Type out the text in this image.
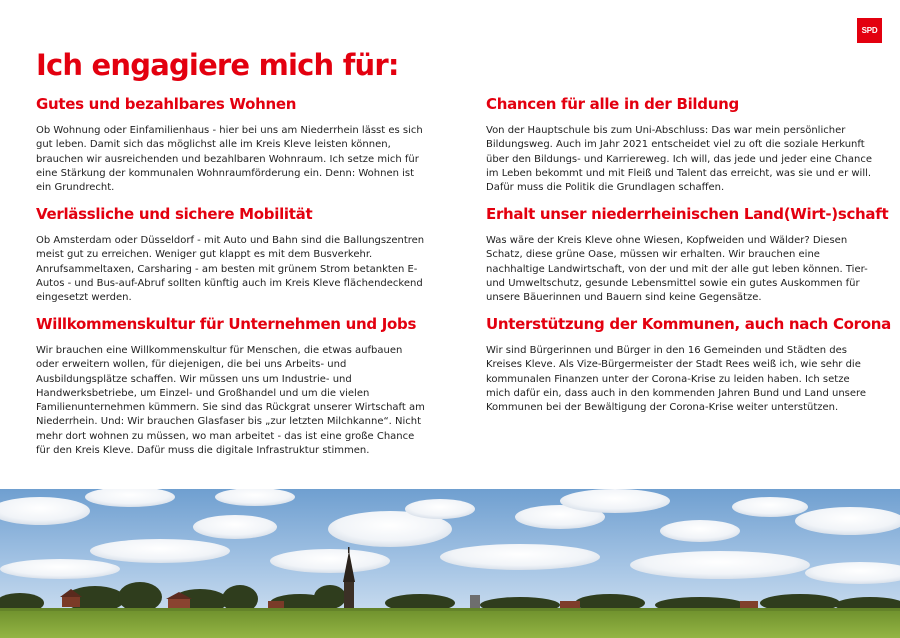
SPD
Ich engagiere mich für:
Gutes und bezahlbares Wohnen

Ob Wohnung oder Einfamilienhaus - hier bei uns am Niederrhein lässt es sich gut leben. Damit sich das möglichst alle im Kreis Kleve leisten können, brauchen wir ausreichenden und bezahlbaren Wohnraum. Ich setze mich für eine Stärkung der kommunalen Wohnraumförderung ein. Denn: Wohnen ist ein Grundrecht.

Verlässliche und sichere Mobilität

Ob Amsterdam oder Düsseldorf - mit Auto und Bahn sind die Ballungszentren meist gut zu erreichen. Weniger gut klappt es mit dem Busverkehr. Anrufsammeltaxen, Carsharing - am besten mit grünem Strom betankten E-Autos - und Bus-auf-Abruf sollten künftig auch im Kreis Kleve flächendeckend eingesetzt werden.

Willkommenskultur für Unternehmen und Jobs

Wir brauchen eine Willkommenskultur für Menschen, die etwas aufbauen oder erweitern wollen, für diejenigen, die bei uns Arbeits- und Ausbildungsplätze schaffen. Wir müssen uns um Industrie- und Handwerksbetriebe, um Einzel- und Großhandel und um die vielen Familienunternehmen kümmern. Sie sind das Rückgrat unserer Wirtschaft am Niederrhein. Und: Wir brauchen Glasfaser bis „zur letzten Milchkanne“. Nicht mehr dort wohnen zu müssen, wo man arbeitet - das ist eine große Chance für den Kreis Kleve. Dafür muss die digitale Infrastruktur stimmen.

Chancen für alle in der Bildung

Von der Hauptschule bis zum Uni-Abschluss: Das war mein persönlicher Bildungsweg. Auch im Jahr 2021 entscheidet viel zu oft die soziale Herkunft über den Bildungs- und Karriereweg. Ich will, das jede und jeder eine Chance im Leben bekommt und mit Fleiß und Talent das erreicht, was sie und er will. Dafür muss die Politik die Grundlagen schaffen.

Erhalt unser niederrheinischen Land(Wirt-)schaft

Was wäre der Kreis Kleve ohne Wiesen, Kopfweiden und Wälder? Diesen Schatz, diese grüne Oase, müssen wir erhalten. Wir brauchen eine nachhaltige Landwirtschaft, von der und mit der alle gut leben können. Tier- und Umweltschutz, gesunde Lebensmittel sowie ein gutes Auskommen für unsere Bäuerinnen und Bauern sind keine Gegensätze.

Unterstützung der Kommunen, auch nach Corona

Wir sind Bürgerinnen und Bürger in den 16 Gemeinden und Städten des Kreises Kleve. Als Vize-Bürgermeister der Stadt Rees weiß ich, wie sehr die kommunalen Finanzen unter der Corona-Krise zu leiden haben. Ich setze mich dafür ein, dass auch in den kommenden Jahren Bund und Land unsere Kommunen bei der Bewältigung der Corona-Krise weiter unterstützen.
